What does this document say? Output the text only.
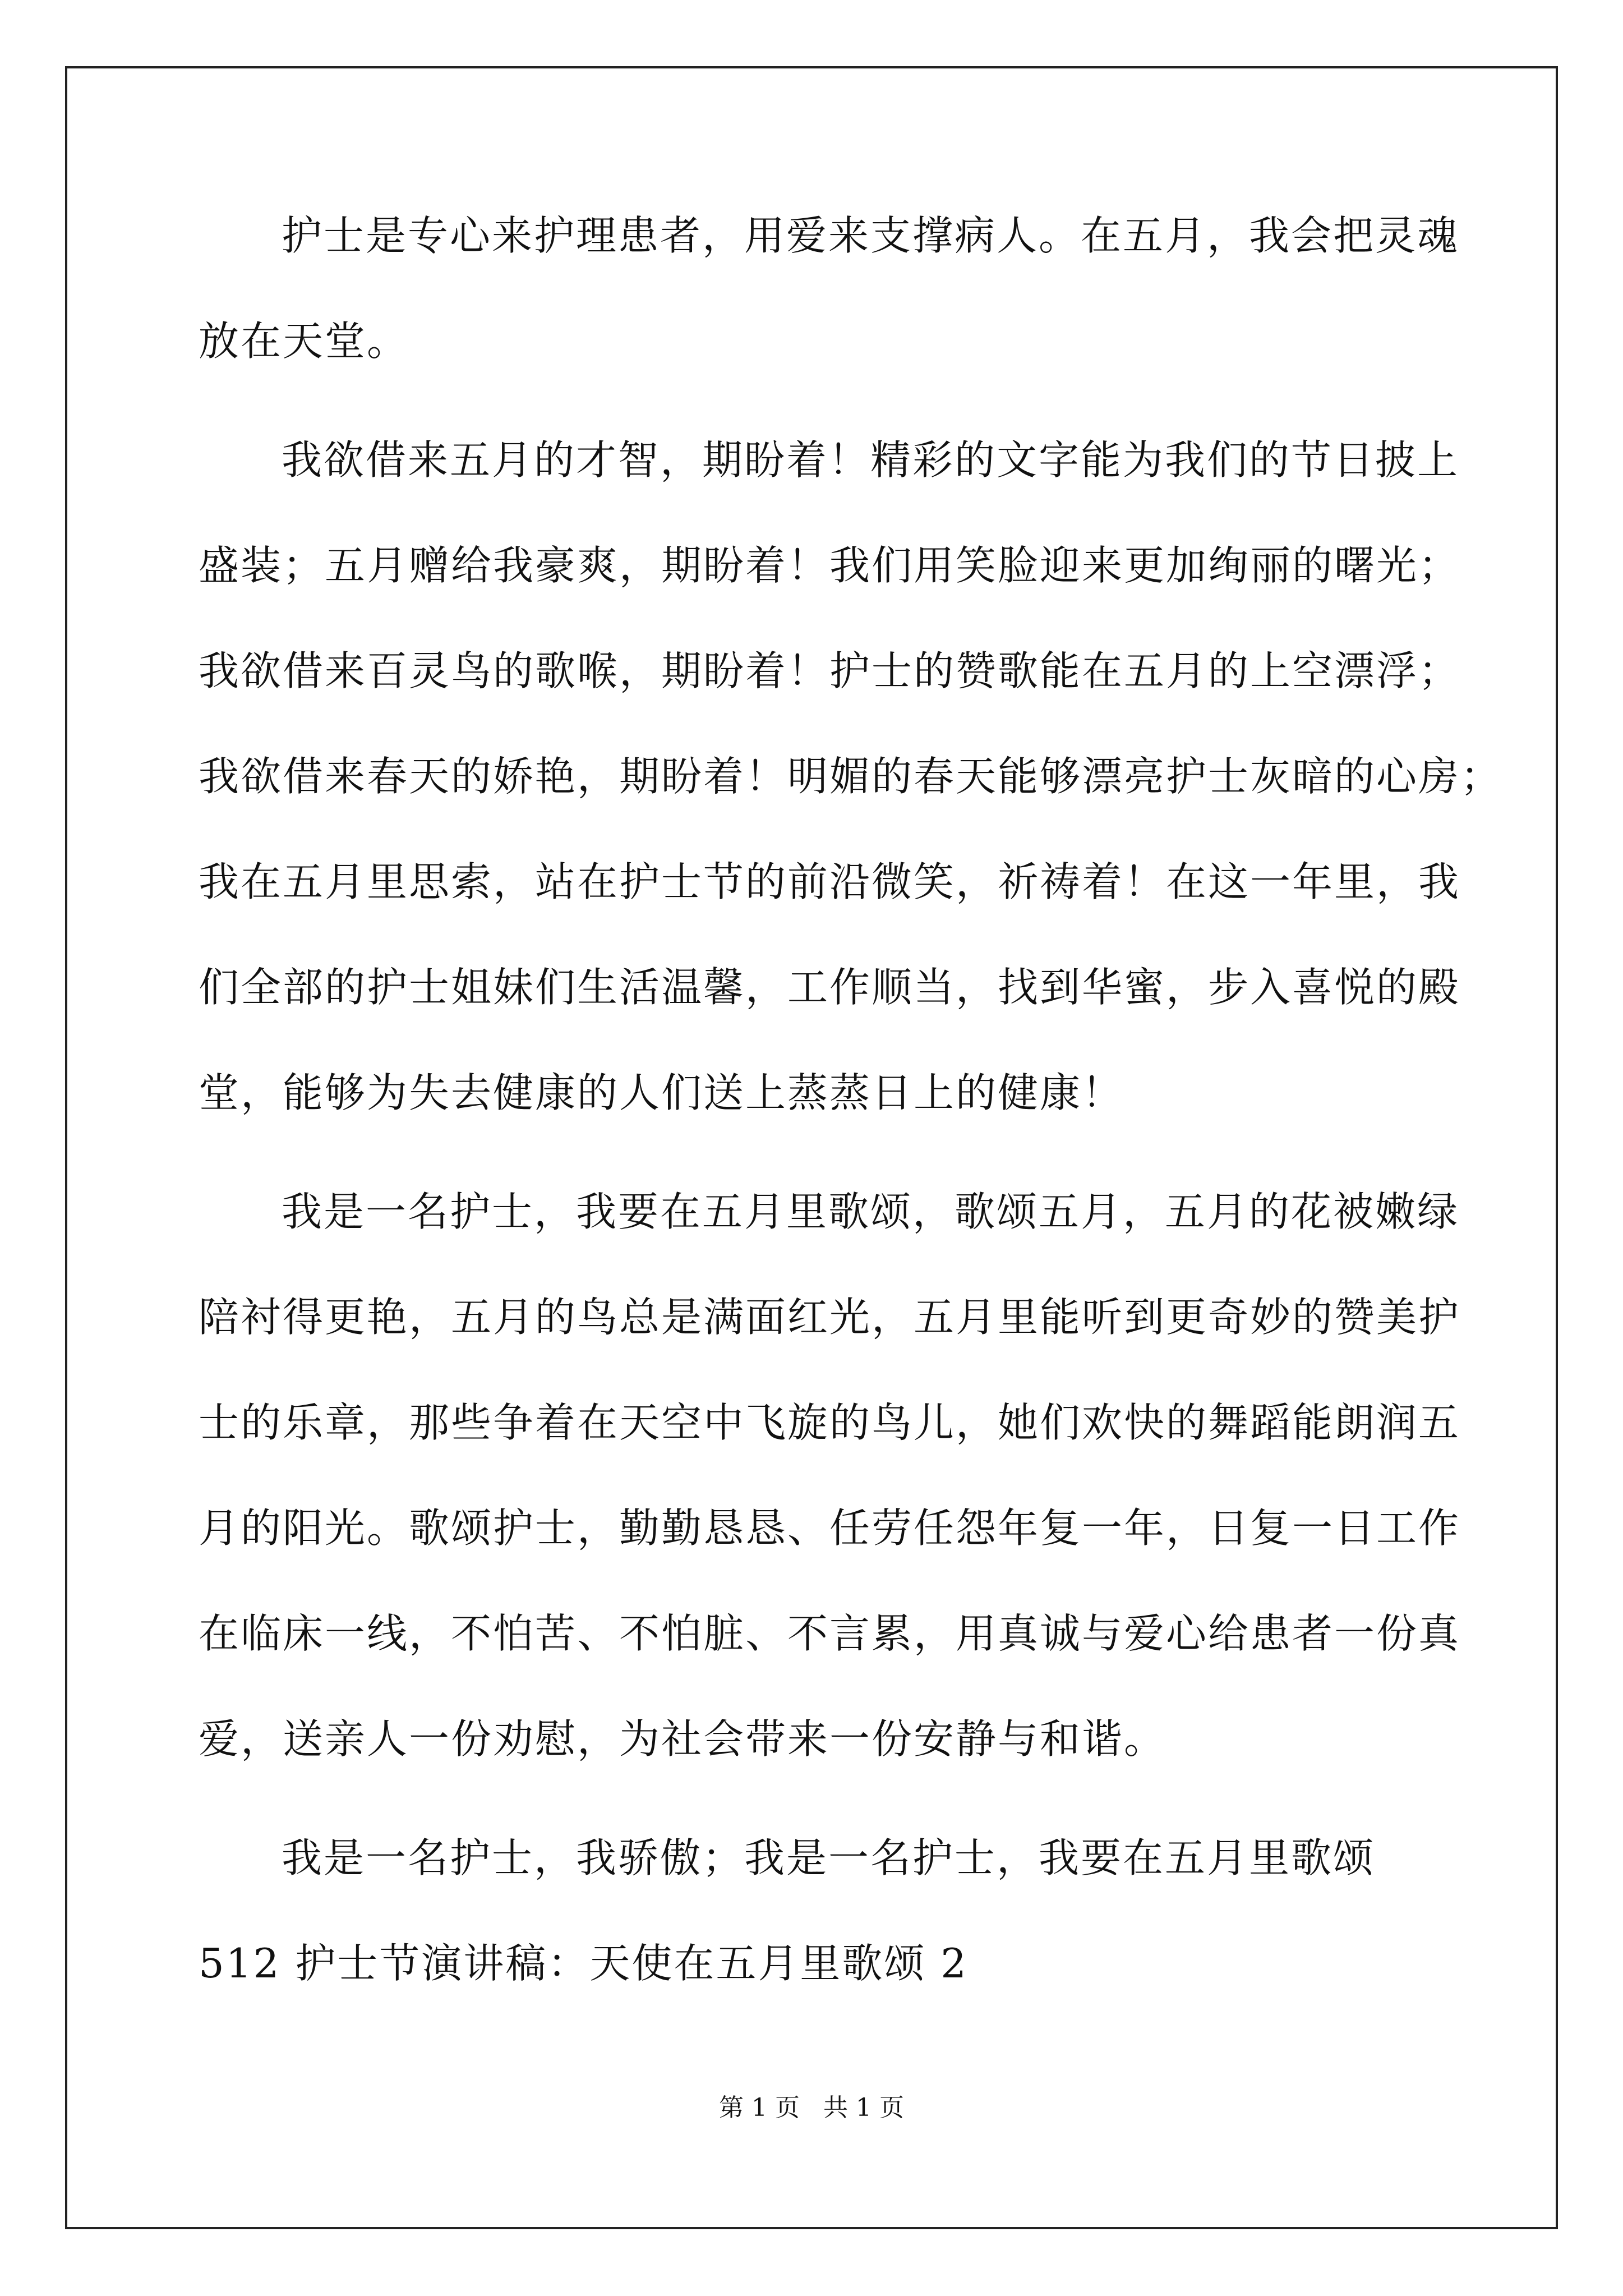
护士是专心来护理患者，用爱来支撑病人。在五月，我会把灵魂
放在天堂。
我欲借来五月的才智，期盼着！精彩的文字能为我们的节日披上
盛装；五月赠给我豪爽，期盼着！我们用笑脸迎来更加绚丽的曙光；
我欲借来百灵鸟的歌喉，期盼着！护士的赞歌能在五月的上空漂浮；
我欲借来春天的娇艳，期盼着！明媚的春天能够漂亮护士灰暗的心房；
我在五月里思索，站在护士节的前沿微笑，祈祷着！在这一年里，我
们全部的护士姐妹们生活温馨，工作顺当，找到华蜜，步入喜悦的殿
堂，能够为失去健康的人们送上蒸蒸日上的健康！
我是一名护士，我要在五月里歌颂，歌颂五月，五月的花被嫩绿
陪衬得更艳，五月的鸟总是满面红光，五月里能听到更奇妙的赞美护
士的乐章，那些争着在天空中飞旋的鸟儿，她们欢快的舞蹈能朗润五
月的阳光。歌颂护士，勤勤恳恳、任劳任怨年复一年，日复一日工作
在临床一线，不怕苦、不怕脏、不言累，用真诚与爱心给患者一份真
爱，送亲人一份劝慰，为社会带来一份安静与和谐。
我是一名护士，我骄傲；我是一名护士，我要在五月里歌颂
512 护士节演讲稿：天使在五月里歌颂 2
第 1 页 共 1 页
